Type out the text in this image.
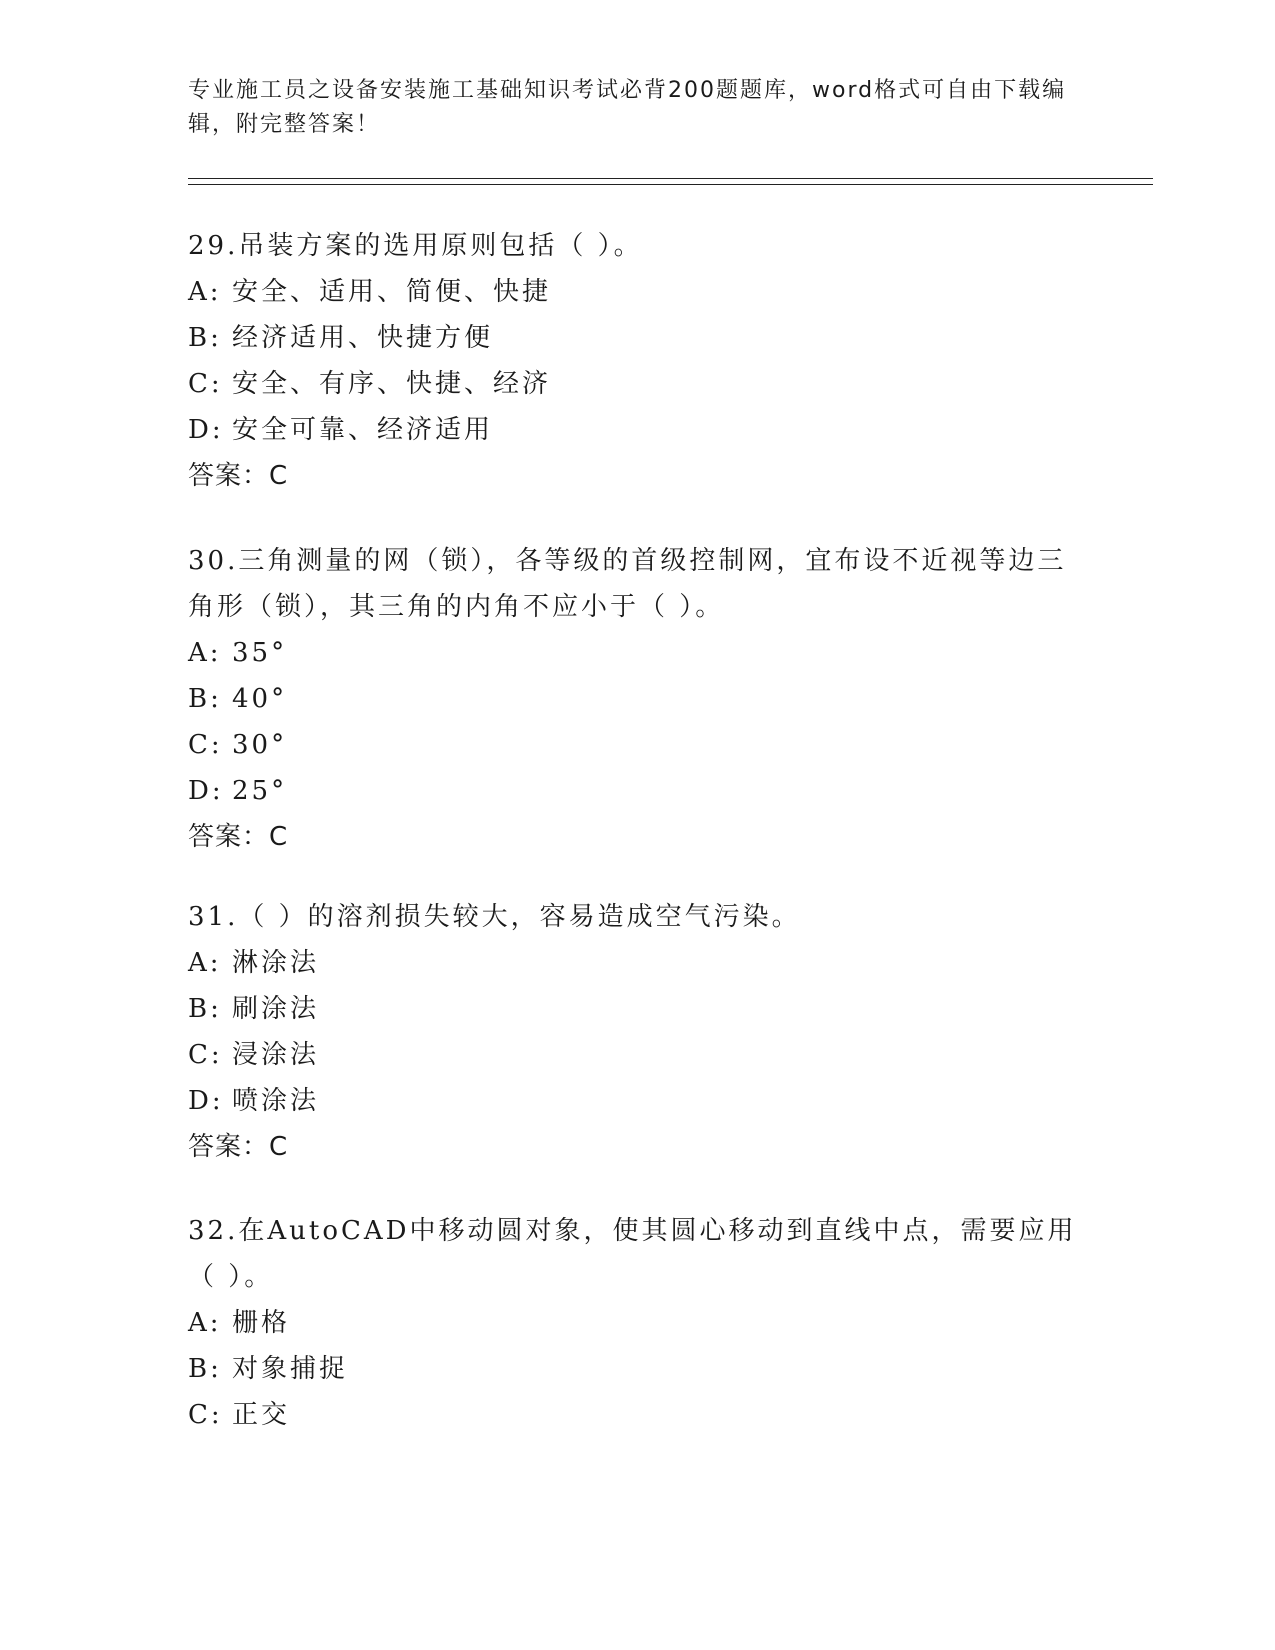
专业施工员之设备安装施工基础知识考试必背200题题库，word格式可自由下载编辑，附完整答案！

29.吊装方案的选用原则包括（ ）。

A: 安全、适用、简便、快捷

B: 经济适用、快捷方便

C: 安全、有序、快捷、经济

D: 安全可靠、经济适用

答案：C

30.三角测量的网（锁），各等级的首级控制网，宜布设不近视等边三角形（锁），其三角的内角不应小于（ ）。

A: 35°

B: 40°

C: 30°

D: 25°

答案：C

31.（ ）的溶剂损失较大，容易造成空气污染。

A: 淋涂法

B: 刷涂法

C: 浸涂法

D: 喷涂法

答案：C

32.在AutoCAD中移动圆对象，使其圆心移动到直线中点，需要应用（ ）。

A: 栅格

B: 对象捕捉

C: 正交
